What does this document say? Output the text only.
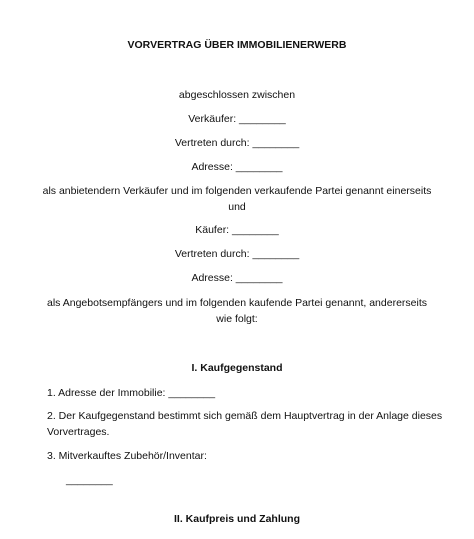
VORVERTRAG ÜBER IMMOBILIENERWERB
abgeschlossen zwischen
Verkäufer: ________
Vertreten durch: ________
Adresse: ________
als anbietendern Verkäufer und im folgenden verkaufende Partei genannt einerseits
und
Käufer: ________
Vertreten durch: ________
Adresse: ________
als Angebotsempfängers und im folgenden kaufende Partei genannt, andererseits
wie folgt:
I. Kaufgegenstand
1. Adresse der Immobilie: ________
2. Der Kaufgegenstand bestimmt sich gemäß dem Hauptvertrag in der Anlage dieses
Vorvertrages.
3. Mitverkauftes Zubehör/Inventar:
________
II. Kaufpreis und Zahlung
